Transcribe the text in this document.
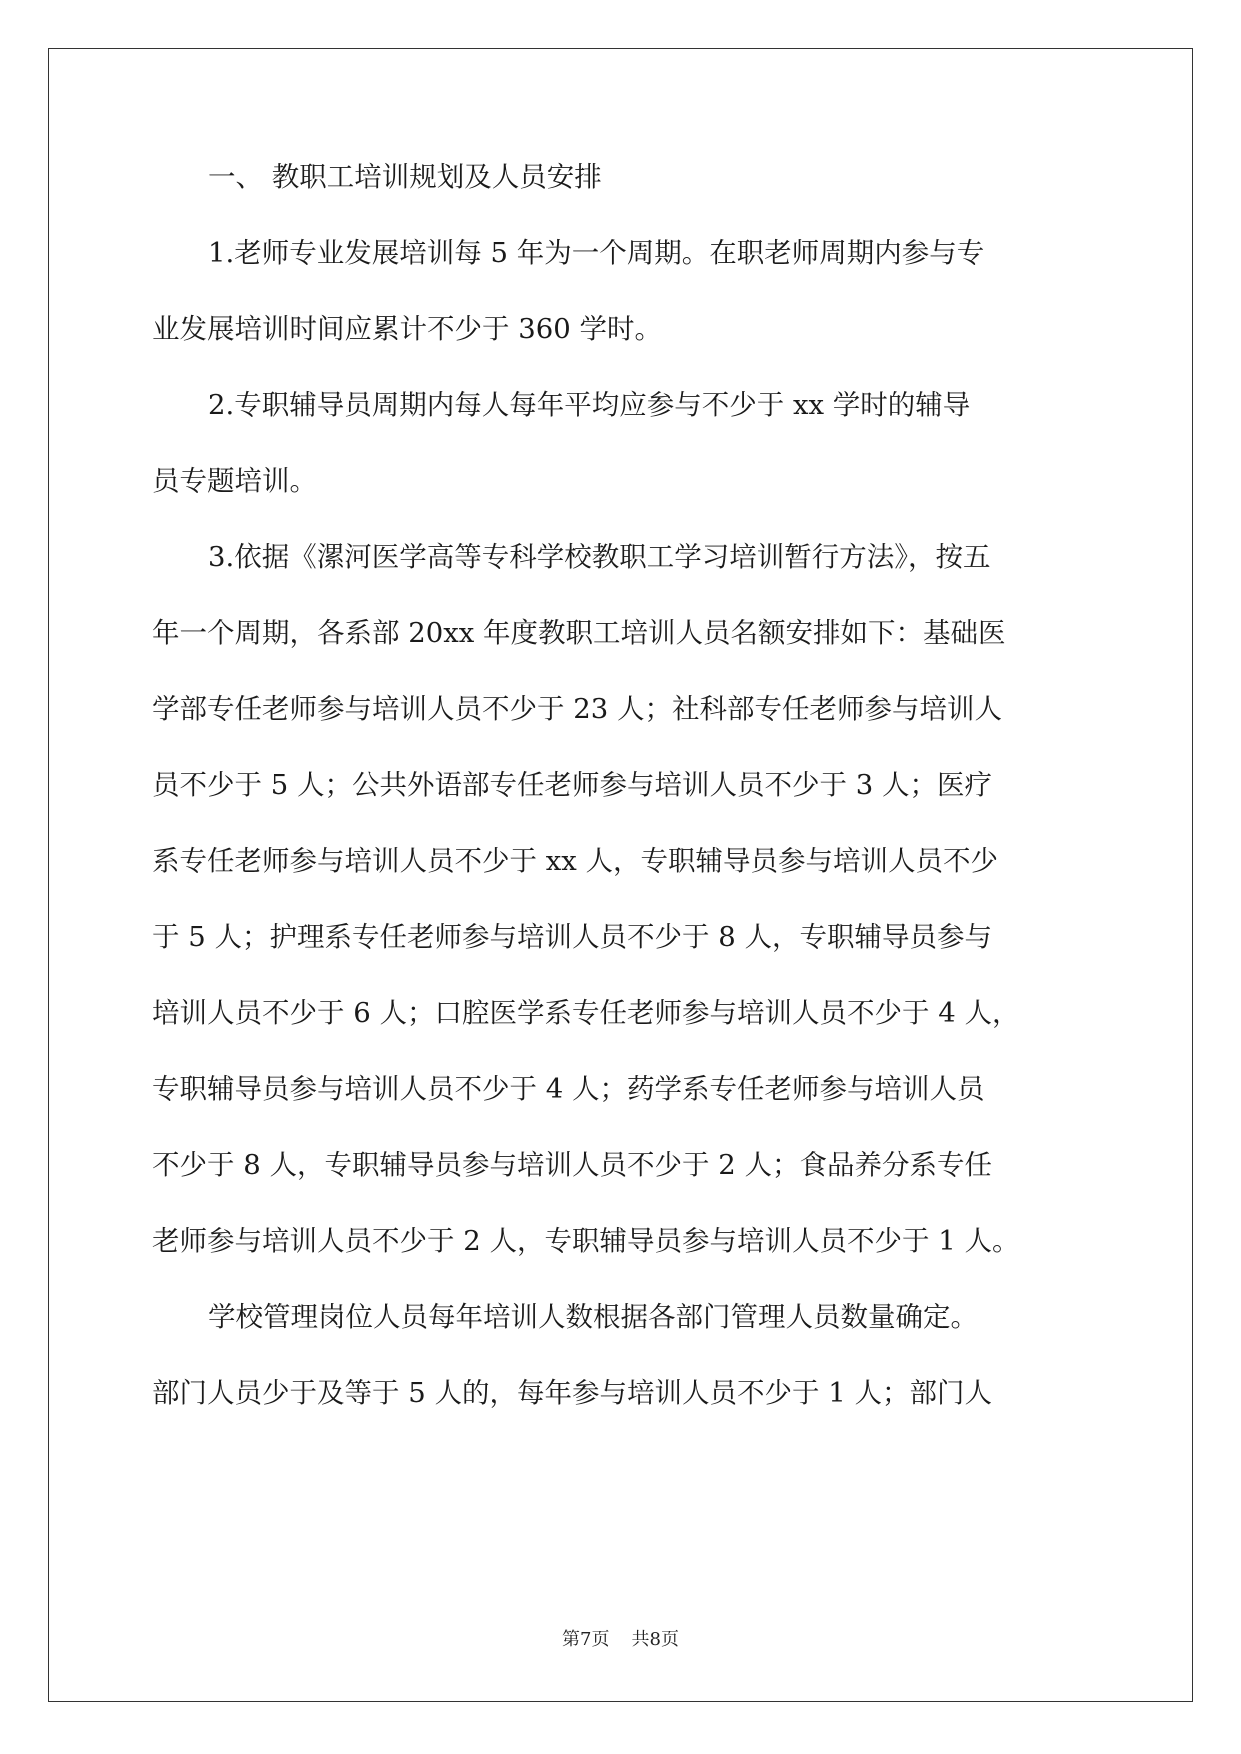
一、 教职工培训规划及人员安排
1.老师专业发展培训每 5 年为一个周期。在职老师周期内参与专
业发展培训时间应累计不少于 360 学时。
2.专职辅导员周期内每人每年平均应参与不少于 xx 学时的辅导
员专题培训。
3.依据《漯河医学高等专科学校教职工学习培训暂行方法》，按五
年一个周期，各系部 20xx 年度教职工培训人员名额安排如下：基础医
学部专任老师参与培训人员不少于 23 人；社科部专任老师参与培训人
员不少于 5 人；公共外语部专任老师参与培训人员不少于 3 人；医疗
系专任老师参与培训人员不少于 xx 人，专职辅导员参与培训人员不少
于 5 人；护理系专任老师参与培训人员不少于 8 人，专职辅导员参与
培训人员不少于 6 人；口腔医学系专任老师参与培训人员不少于 4 人，
专职辅导员参与培训人员不少于 4 人；药学系专任老师参与培训人员
不少于 8 人，专职辅导员参与培训人员不少于 2 人；食品养分系专任
老师参与培训人员不少于 2 人，专职辅导员参与培训人员不少于 1 人。
学校管理岗位人员每年培训人数根据各部门管理人员数量确定。
部门人员少于及等于 5 人的，每年参与培训人员不少于 1 人；部门人
第7页 共8页
